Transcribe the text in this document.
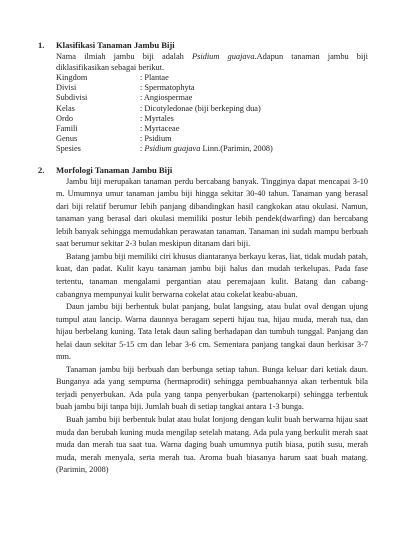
1.	Klasifikasi Tanaman Jambu Biji

Nama ilmiah jambu biji adalah Psidium guajava.Adapun tanaman jambu biji diklasifikasikan sebagai berikut.

Kingdom	: Plantae
Divisi	: Spermatophyta
Subdivisi	: Angiospermae
Kelas	: Dicotyledonae (biji berkeping dua)
Ordo	: Myrtales
Famili	: Myrtaceae
Genus	: Psidium
Spesies	: Psidium guajava Linn.(Parimin, 2008)
2.	Morfologi Tanaman Jambu Biji

Jambu biji merupakan tanaman perdu bercabang banyak. Tingginya dapat mencapai 3-10 m. Umumnya umur tanaman jambu biji hingga sekitar 30-40 tahun. Tanaman yang berasal dari biji relatif berumur lebih panjang dibandingkan hasil cangkokan atau okulasi. Namun, tanaman yang berasal dari okulasi memiliki postur lebih pendek(dwarfing) dan bercabang lebih banyak sehingga memudahkan perawatan tanaman. Tanaman ini sudah mampu berbuah saat berumur sekitar 2-3 bulan meskipun ditanam dari biji.

Batang jambu biji memiliki ciri khusus diantaranya berkayu keras, liat, tidak mudah patah, kuat, dan padat. Kulit kayu tanaman jambu biji halus dan mudah terkelupas. Pada fase tertentu, tanaman mengalami pergantian atau peremajaan kulit. Batang dan cabang-cabangnya mempunyai kulit berwarna cokelat atau cokelat keabu-abuan.

Daun jambu biji berbentuk bulat panjang, bulat langsing, atau bulat oval dengan ujung tumpul atau lancip. Warna daunnya beragam seperti hijau tua, hijau muda, merah tua, dan hijau berbelang kuning. Tata letak daun saling berhadapan dan tumbuh tunggal. Panjang dan helai daun sekitar 5-15 cm dan lebar 3-6 cm. Sementara panjang tangkai daun berkisar 3-7 mm.

Tanaman jambu biji berbuah dan berbunga setiap tahun. Bunga keluar dari ketiak daun. Bunganya ada yang sempurna (hermaprodit) sehingga pembuahannya akan terbentuk bila terjadi penyerbukan. Ada pula yang tanpa penyerbukan (partenokarpi) sehingga terbentuk buah jambu biji tanpa biji. Jumlah buah di setiap tangkai antara 1-3 bunga.

Buah jambu biji berbentuk bulat atau bulat lonjong dengan kulit buah berwarna hijau saat muda dan berubah kuning muda mengilap setelah matang. Ada pula yang berkulit merah saat muda dan merah tua saat tua. Warna daging buah umumnya putih biasa, putih susu, merah muda, merah menyala, serta merah tua. Aroma buah biasanya harum saat buah matang. (Parimin, 2008)
